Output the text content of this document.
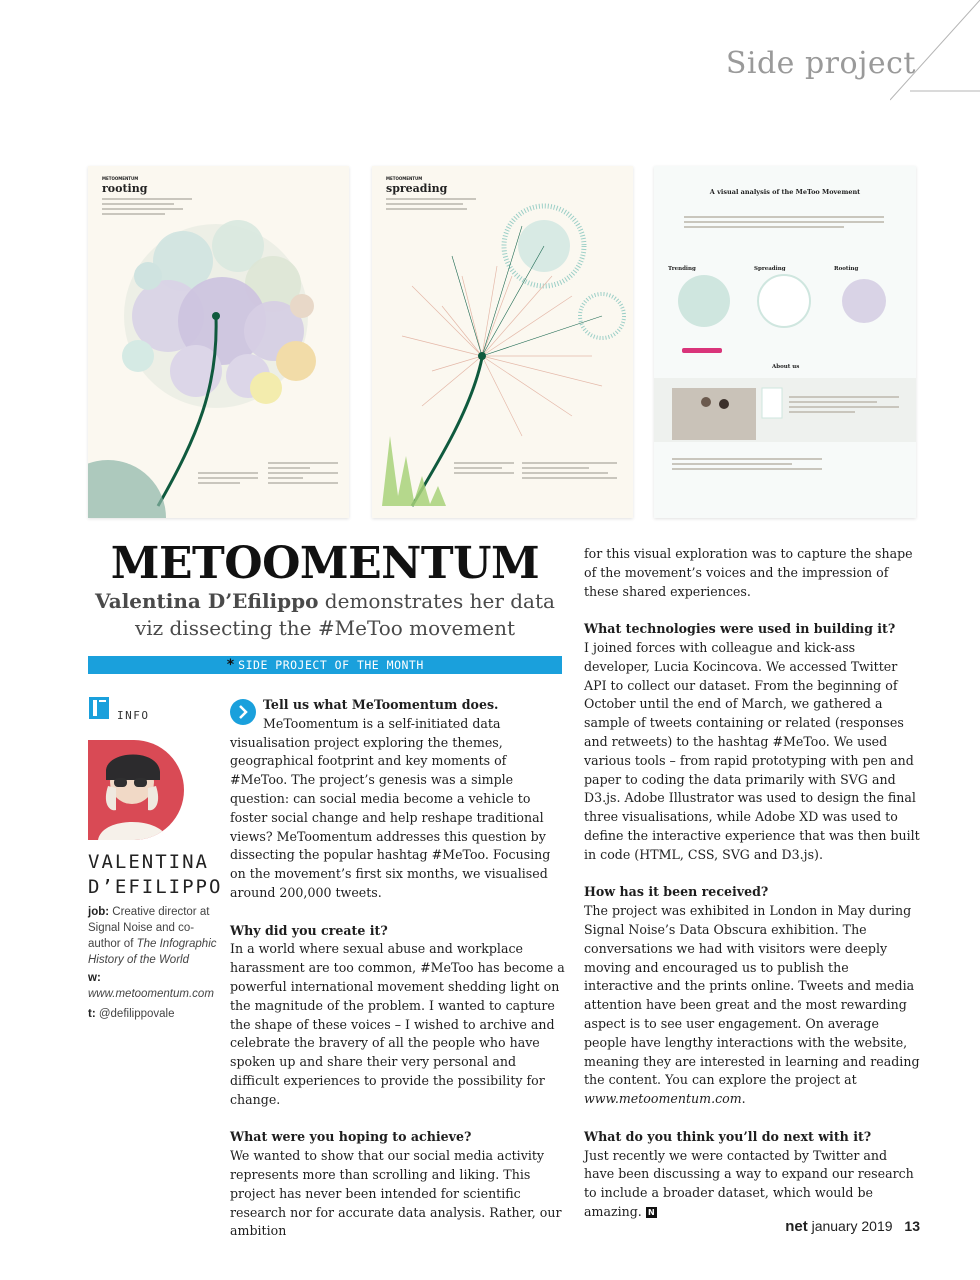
Side project
METOOMENTUM
rooting
METOOMENTUM
spreading	A visual analysis of the MeToo Movement
Trending	Spreading	Rooting
About us
METOOMENTUM
Valentina D’Efilippo demonstrates her data viz dissecting the #MeToo movement
* SIDE PROJECT OF THE MONTH
INFO
VALENTINA
D’EFILIPPO
job: Creative director at Signal Noise and co-author of The Infographic History of the World
w: www.metoomentum.com
t: @defilippovale

Tell us what MeToomentum does.

MeToomentum is a self-initiated data visualisation project exploring the themes, geographical footprint and key moments of #MeToo. The project’s genesis was a simple question: can social media become a vehicle to foster social change and help reshape traditional views? MeToomentum addresses this question by dissecting the popular hashtag #MeToo. Focusing on the movement’s first six months, we visualised around 200,000 tweets.

Why did you create it?

In a world where sexual abuse and workplace harassment are too common, #MeToo has become a powerful international movement shedding light on the magnitude of the problem. I wanted to capture the shape of these voices – I wished to archive and celebrate the bravery of all the people who have spoken up and share their very personal and difficult experiences to provide the possibility for change.

What were you hoping to achieve?

We wanted to show that our social media activity represents more than scrolling and liking. This project has never been intended for scientific research nor for accurate data analysis. Rather, our ambition

for this visual exploration was to capture the shape of the movement’s voices and the impression of these shared experiences.

What technologies were used in building it?

I joined forces with colleague and kick-ass developer, Lucia Kocincova. We accessed Twitter API to collect our dataset. From the beginning of October until the end of March, we gathered a sample of tweets containing or related (responses and retweets) to the hashtag #MeToo. We used various tools – from rapid prototyping with pen and paper to coding the data primarily with SVG and D3.js. Adobe Illustrator was used to design the final three visualisations, while Adobe XD was used to define the interactive experience that was then built in code (HTML, CSS, SVG and D3.js).

How has it been received?

The project was exhibited in London in May during Signal Noise’s Data Obscura exhibition. The conversations we had with visitors were deeply moving and encouraged us to publish the interactive and the prints online. Tweets and media attention have been great and the most rewarding aspect is to see user engagement. On average people have lengthy interactions with the website, meaning they are interested in learning and reading the content. You can explore the project at www.metoomentum.com.

What do you think you’ll do next with it?

Just recently we were contacted by Twitter and have been discussing a way to expand our research to include a broader dataset, which would be amazing. N

net january 2019 13
